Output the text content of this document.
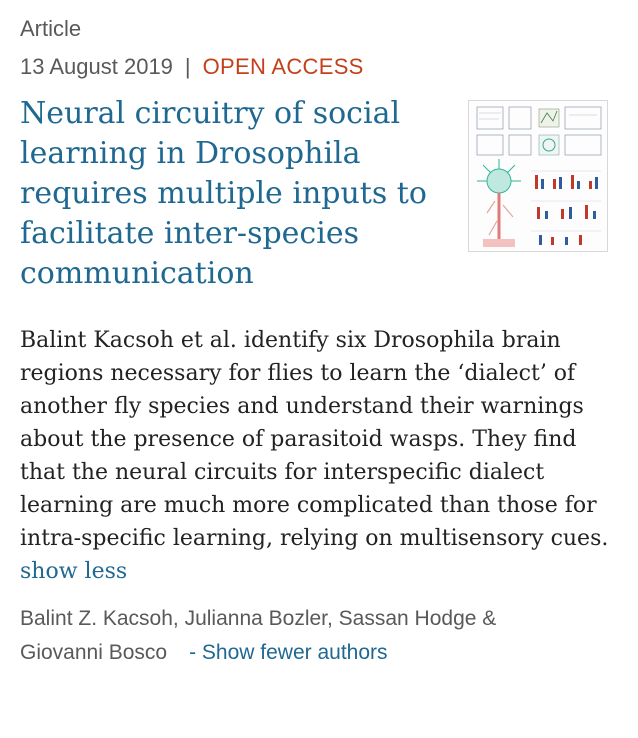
Article
13 August 2019 | OPEN ACCESS
Neural circuitry of social learning in Drosophila requires multiple inputs to facilitate inter-species communication

Balint Kacsoh et al. identify six Drosophila brain regions necessary for flies to learn the ‘dialect’ of another fly species and understand their warnings about the presence of parasitoid wasps. They find that the neural circuits for interspecific dialect learning are much more complicated than those for intra-specific learning, relying on multisensory cues. show less

Balint Z. Kacsoh, Julianna Bozler, Sassan Hodge & Giovanni Bosco - Show fewer authors
